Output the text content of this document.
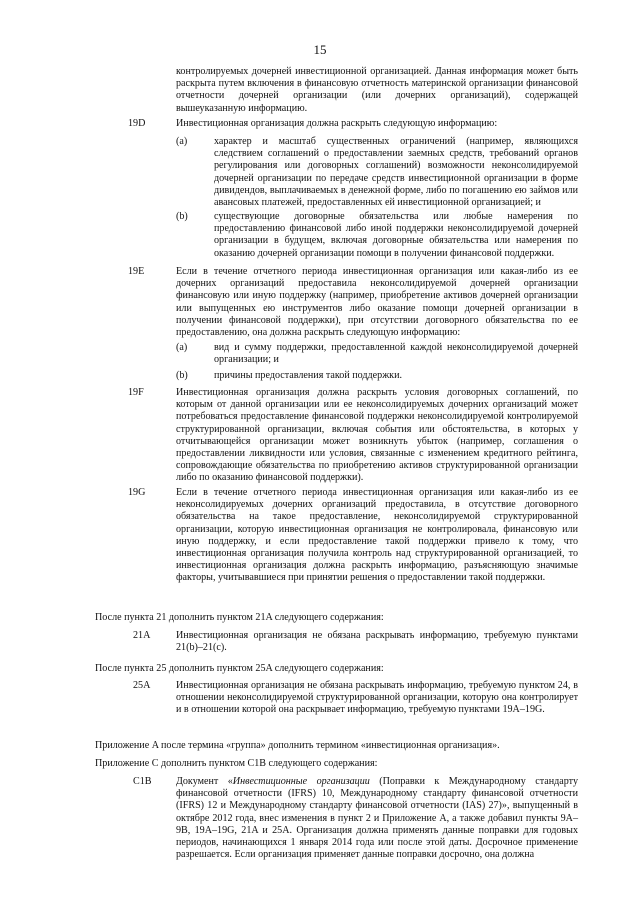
15
контролируемых дочерней инвестиционной организацией. Данная информация может быть раскрыта путем включения в финансовую отчетность материнской организации финансовой отчетности дочерней организации (или дочерних организаций), содержащей вышеуказанную информацию.
19D	Инвестиционная организация должна раскрыть следующую информацию:
(a)	характер и масштаб существенных ограничений (например, являющихся следствием соглашений о предоставлении заемных средств, требований органов регулирования или договорных соглашений) возможности неконсолидируемой дочерней организации по передаче средств инвестиционной организации в форме дивидендов, выплачиваемых в денежной форме, либо по погашению ею займов или авансовых платежей, предоставленных ей инвестиционной организацией; и
(b)	существующие договорные обязательства или любые намерения по предоставлению финансовой либо иной поддержки неконсолидируемой дочерней организации в будущем, включая договорные обязательства или намерения по оказанию дочерней организации помощи в получении финансовой поддержки.
19E	Если в течение отчетного периода инвестиционная организация или какая-либо из ее дочерних организаций предоставила неконсолидируемой дочерней организации финансовую или иную поддержку (например, приобретение активов дочерней организации или выпущенных ею инструментов либо оказание помощи дочерней организации в получении финансовой поддержки), при отсутствии договорного обязательства по ее предоставлению, она должна раскрыть следующую информацию:
(a)	вид и сумму поддержки, предоставленной каждой неконсолидируемой дочерней организации; и
(b)	причины предоставления такой поддержки.
19F	Инвестиционная организация должна раскрыть условия договорных соглашений, по которым от данной организации или ее неконсолидируемых дочерних организаций может потребоваться предоставление финансовой поддержки неконсолидируемой контролируемой структурированной организации, включая события или обстоятельства, в которых у отчитывающейся организации может возникнуть убыток (например, соглашения о предоставлении ликвидности или условия, связанные с изменением кредитного рейтинга, сопровождающие обязательства по приобретению активов структурированной организации либо по оказанию финансовой поддержки).
19G	Если в течение отчетного периода инвестиционная организация или какая-либо из ее неконсолидируемых дочерних организаций предоставила, в отсутствие договорного обязательства на такое предоставление, неконсолидируемой структурированной организации, которую инвестиционная организация не контролировала, финансовую или иную поддержку, и если предоставление такой поддержки привело к тому, что инвестиционная организация получила контроль над структурированной организацией, то инвестиционная организация должна раскрыть информацию, разъясняющую значимые факторы, учитывавшиеся при принятии решения о предоставлении такой поддержки.
После пункта 21 дополнить пунктом 21A следующего содержания:
21A	Инвестиционная организация не обязана раскрывать информацию, требуемую пунктами 21(b)–21(c).
После пункта 25 дополнить пунктом 25A следующего содержания:
25A	Инвестиционная организация не обязана раскрывать информацию, требуемую пунктом 24, в отношении неконсолидируемой структурированной организации, которую она контролирует и в отношении которой она раскрывает информацию, требуемую пунктами 19A–19G.
Приложение A после термина «группа» дополнить термином «инвестиционная организация».
Приложение C дополнить пунктом C1B следующего содержания:
C1B Документ «Инвестиционные организации (Поправки к Международному стандарту финансовой отчетности (IFRS) 10, Международному стандарту финансовой отчетности (IFRS) 12 и Международному стандарту финансовой отчетности (IAS) 27)», выпущенный в октябре 2012 года, внес изменения в пункт 2 и Приложение A, а также добавил пункты 9A–9B, 19A–19G, 21A и 25A. Организация должна применять данные поправки для годовых периодов, начинающихся 1 января 2014 года или после этой даты. Досрочное применение разрешается. Если организация применяет данные поправки досрочно, она должна
